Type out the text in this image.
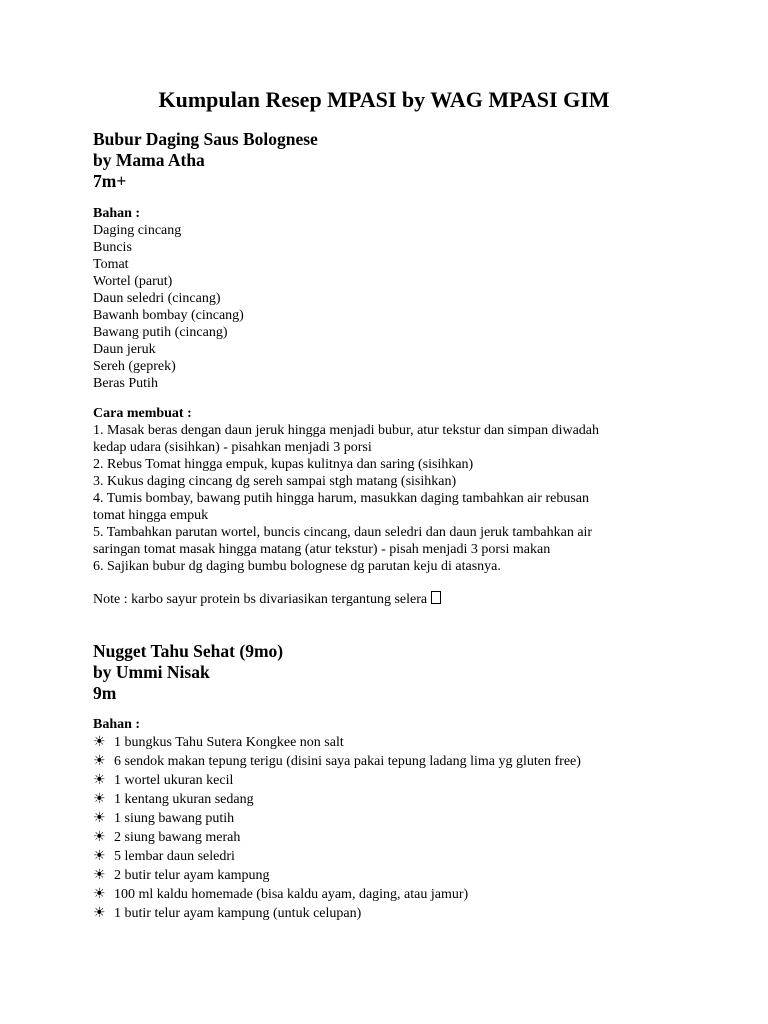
Kumpulan Resep MPASI by WAG MPASI GIM

Bubur Daging Saus Bolognese

by Mama Atha

7m+

Bahan :

Daging cincang
Buncis
Tomat
Wortel (parut)
Daun seledri (cincang)
Bawanh bombay (cincang)
Bawang putih (cincang)
Daun jeruk
Sereh (geprek)
Beras Putih

Cara membuat :

1. Masak beras dengan daun jeruk hingga menjadi bubur, atur tekstur dan simpan diwadah

kedap udara (sisihkan) - pisahkan menjadi 3 porsi

2. Rebus Tomat hingga empuk, kupas kulitnya dan saring (sisihkan)

3. Kukus daging cincang dg sereh sampai stgh matang (sisihkan)

4. Tumis bombay, bawang putih hingga harum, masukkan daging tambahkan air rebusan

tomat hingga empuk

5. Tambahkan parutan wortel, buncis cincang, daun seledri dan daun jeruk tambahkan air

saringan tomat masak hingga matang (atur tekstur) - pisah menjadi 3 porsi makan

6. Sajikan bubur dg daging bumbu bolognese dg parutan keju di atasnya.

Note : karbo sayur protein bs divariasikan tergantung selera

Nugget Tahu Sehat (9mo)

by Ummi Nisak

9m

Bahan :

☀ 1 bungkus Tahu Sutera Kongkee non salt
☀ 6 sendok makan tepung terigu (disini saya pakai tepung ladang lima yg gluten free)
☀ 1 wortel ukuran kecil
☀ 1 kentang ukuran sedang
☀ 1 siung bawang putih
☀ 2 siung bawang merah
☀ 5 lembar daun seledri
☀ 2 butir telur ayam kampung
☀ 100 ml kaldu homemade (bisa kaldu ayam, daging, atau jamur)
☀ 1 butir telur ayam kampung (untuk celupan)
